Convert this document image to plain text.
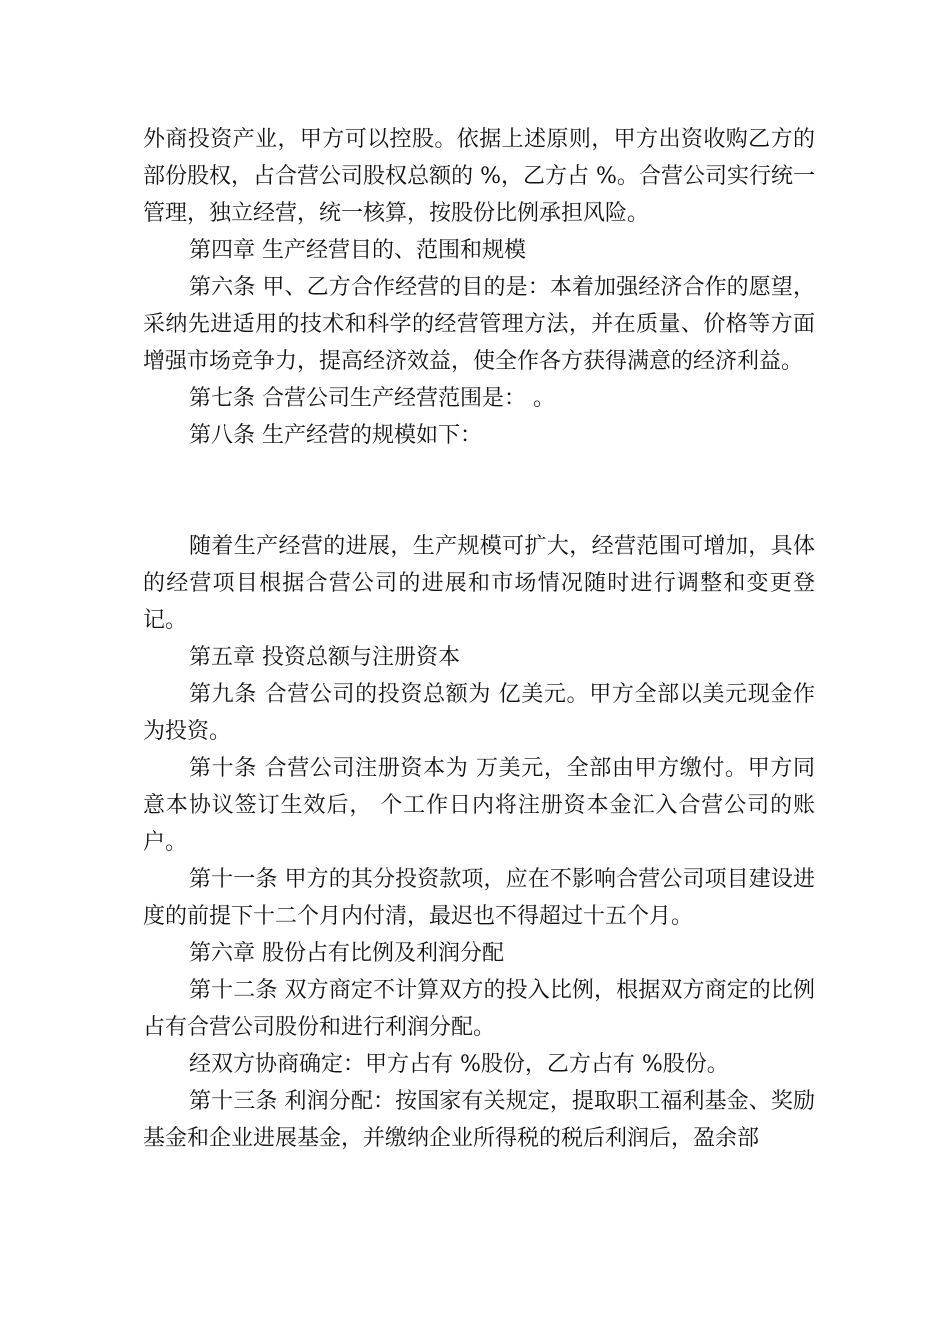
外商投资产业，甲方可以控股。依据上述原则，甲方出资收购乙方的部份股权，占合营公司股权总额的 %，乙方占 %。合营公司实行统一管理，独立经营，统一核算，按股份比例承担风险。

第四章 生产经营目的、范围和规模

第六条 甲、乙方合作经营的目的是：本着加强经济合作的愿望，采纳先进适用的技术和科学的经营管理方法，并在质量、价格等方面增强市场竞争力，提高经济效益，使全作各方获得满意的经济利益。

第七条 合营公司生产经营范围是： 。

第八条 生产经营的规模如下：

随着生产经营的进展，生产规模可扩大，经营范围可增加，具体的经营项目根据合营公司的进展和市场情况随时进行调整和变更登记。

第五章 投资总额与注册资本

第九条 合营公司的投资总额为 亿美元。甲方全部以美元现金作为投资。

第十条 合营公司注册资本为 万美元，全部由甲方缴付。甲方同意本协议签订生效后， 个工作日内将注册资本金汇入合营公司的账户。

第十一条 甲方的其分投资款项，应在不影响合营公司项目建设进度的前提下十二个月内付清，最迟也不得超过十五个月。

第六章 股份占有比例及利润分配

第十二条 双方商定不计算双方的投入比例，根据双方商定的比例占有合营公司股份和进行利润分配。

经双方协商确定：甲方占有 %股份，乙方占有 %股份。

第十三条 利润分配：按国家有关规定，提取职工福利基金、奖励基金和企业进展基金，并缴纳企业所得税的税后利润后，盈余部
